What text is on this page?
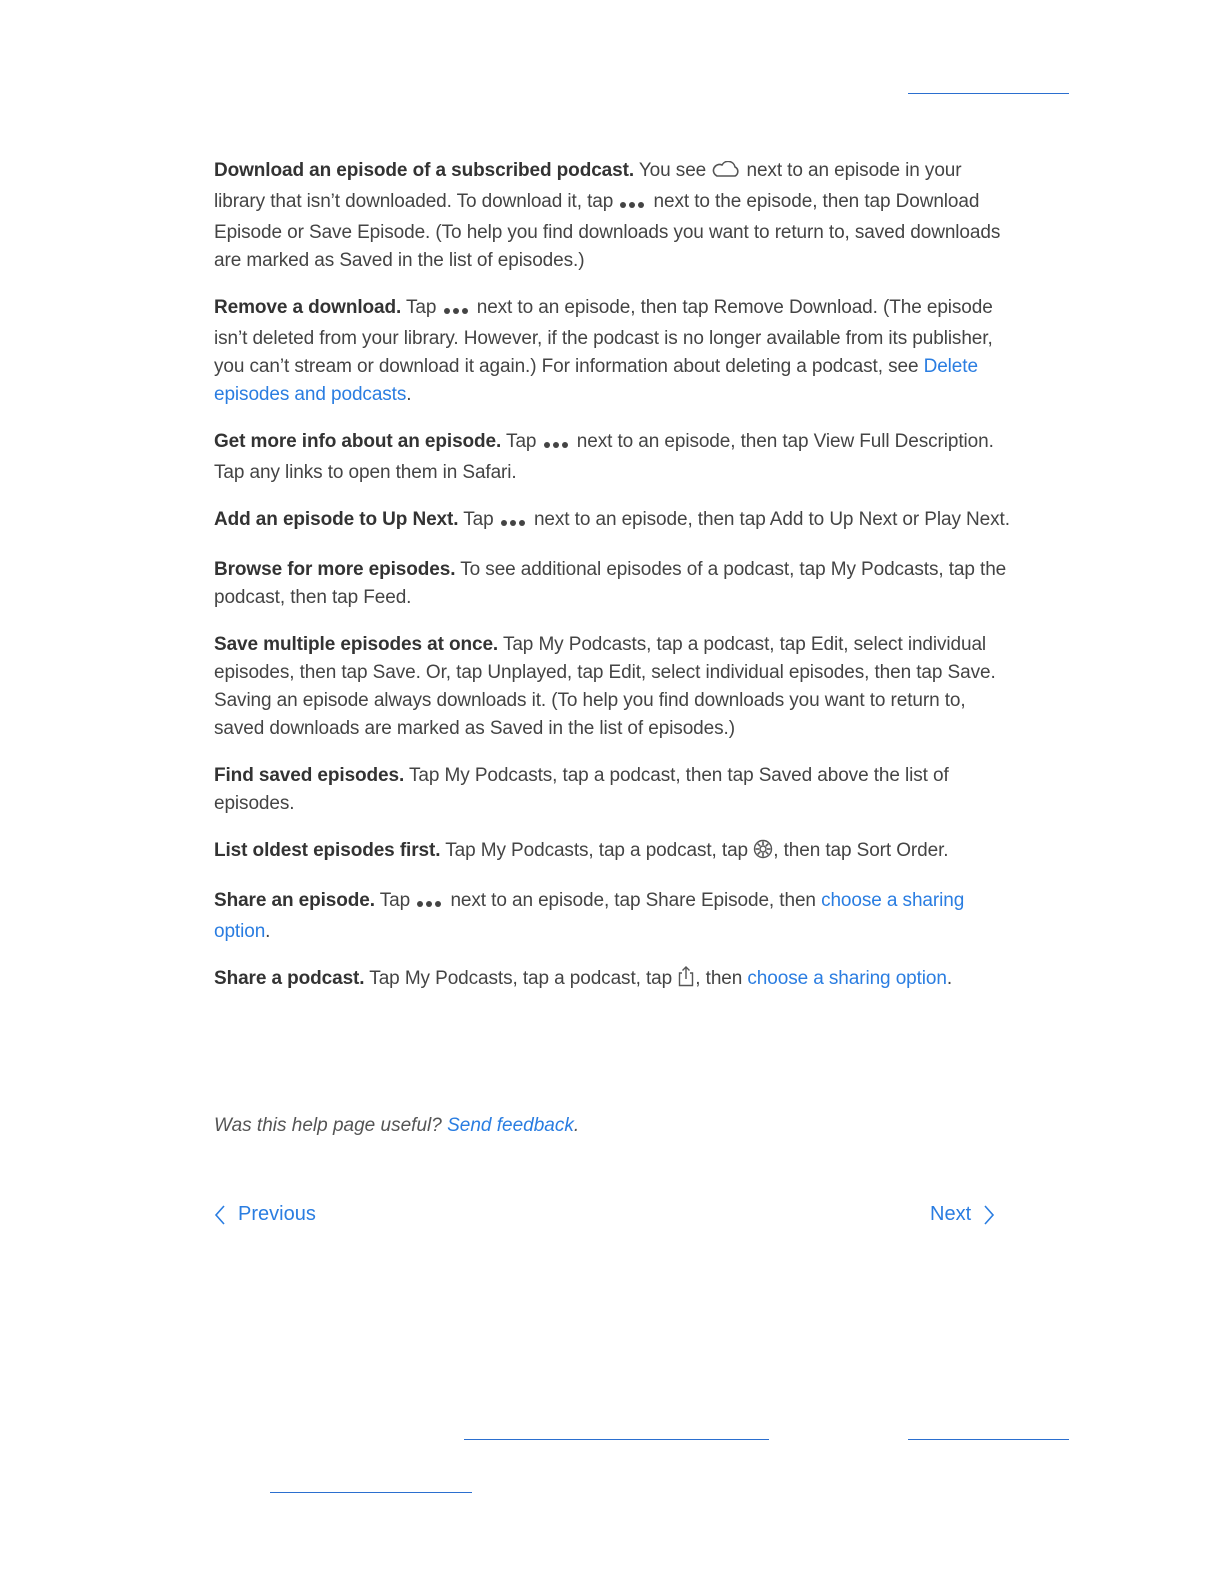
Download an episode of a subscribed podcast. You see  next to an episode in your library that isn’t downloaded. To download it, tap  next to the episode, then tap Download Episode or Save Episode. (To help you find downloads you want to return to, saved downloads are marked as Saved in the list of episodes.)

Remove a download. Tap  next to an episode, then tap Remove Download. (The episode isn’t deleted from your library. However, if the podcast is no longer available from its publisher, you can’t stream or download it again.) For information about deleting a podcast, see Delete episodes and podcasts.

Get more info about an episode. Tap  next to an episode, then tap View Full Description. Tap any links to open them in Safari.

Add an episode to Up Next. Tap  next to an episode, then tap Add to Up Next or Play Next.

Browse for more episodes. To see additional episodes of a podcast, tap My Podcasts, tap the podcast, then tap Feed.

Save multiple episodes at once. Tap My Podcasts, tap a podcast, tap Edit, select individual episodes, then tap Save. Or, tap Unplayed, tap Edit, select individual episodes, then tap Save. Saving an episode always downloads it. (To help you find downloads you want to return to, saved downloads are marked as Saved in the list of episodes.)

Find saved episodes. Tap My Podcasts, tap a podcast, then tap Saved above the list of episodes.

List oldest episodes first. Tap My Podcasts, tap a podcast, tap , then tap Sort Order.

Share an episode. Tap  next to an episode, tap Share Episode, then choose a sharing option.

Share a podcast. Tap My Podcasts, tap a podcast, tap , then choose a sharing option.

Was this help page useful? Send feedback.
Previous	Next
